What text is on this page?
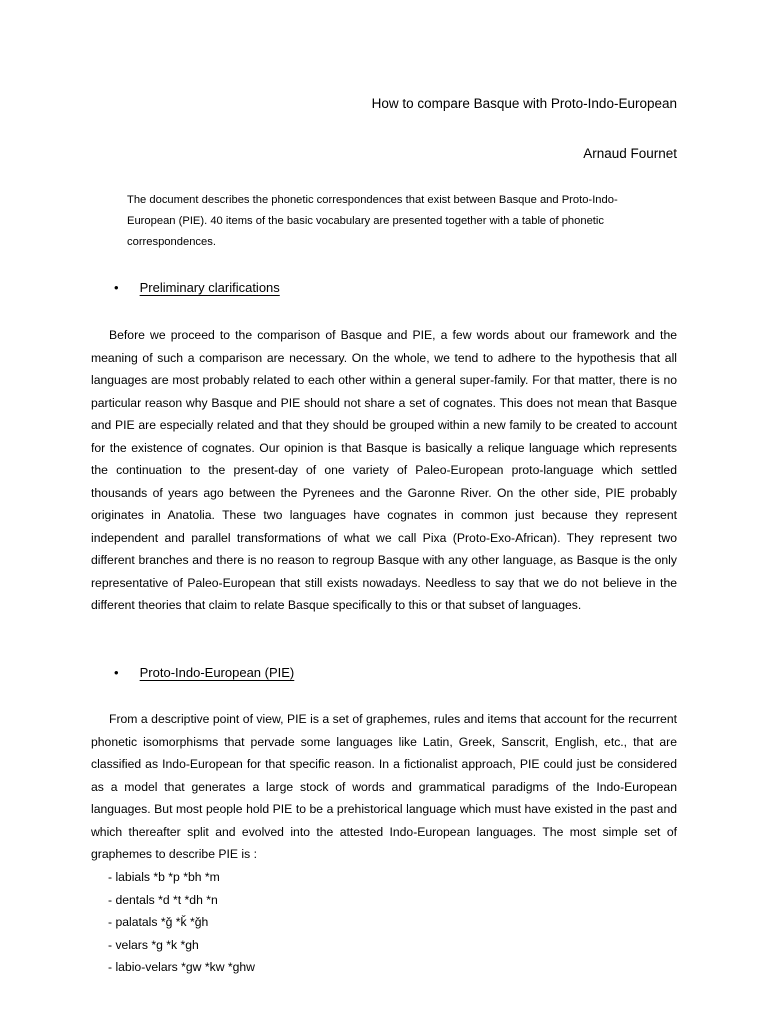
How to compare Basque with Proto-Indo-European
Arnaud Fournet
The document describes the phonetic correspondences that exist between Basque and Proto-Indo-European (PIE). 40 items of the basic vocabulary are presented together with a table of phonetic correspondences.
• Preliminary clarifications

Before we proceed to the comparison of Basque and PIE, a few words about our framework and the meaning of such a comparison are necessary. On the whole, we tend to adhere to the hypothesis that all languages are most probably related to each other within a general super-family. For that matter, there is no particular reason why Basque and PIE should not share a set of cognates. This does not mean that Basque and PIE are especially related and that they should be grouped within a new family to be created to account for the existence of cognates. Our opinion is that Basque is basically a relique language which represents the continuation to the present-day of one variety of Paleo-European proto-language which settled thousands of years ago between the Pyrenees and the Garonne River. On the other side, PIE probably originates in Anatolia. These two languages have cognates in common just because they represent independent and parallel transformations of what we call Pixa (Proto-Exo-African). They represent two different branches and there is no reason to regroup Basque with any other language, as Basque is the only representative of Paleo-European that still exists nowadays. Needless to say that we do not believe in the different theories that claim to relate Basque specifically to this or that subset of languages.

• Proto-Indo-European (PIE)

From a descriptive point of view, PIE is a set of graphemes, rules and items that account for the recurrent phonetic isomorphisms that pervade some languages like Latin, Greek, Sanscrit, English, etc., that are classified as Indo-European for that specific reason. In a fictionalist approach, PIE could just be considered as a model that generates a large stock of words and grammatical paradigms of the Indo-European languages. But most people hold PIE to be a prehistorical language which must have existed in the past and which thereafter split and evolved into the attested Indo-European languages. The most simple set of graphemes to describe PIE is :

- labials *b *p *bh *m
- dentals *d *t *dh *n
- palatals *ǧ *ǩ *ǧh
- velars *g *k *gh
- labio-velars *gw *kw *ghw
